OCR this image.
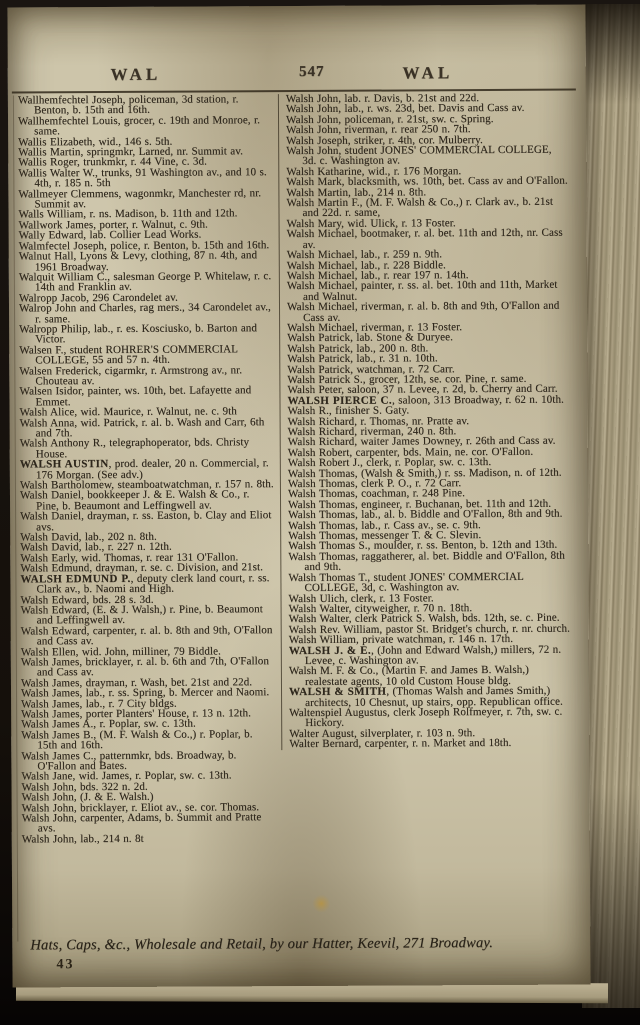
WAL	547	WAL
Wallhemfechtel Joseph, policeman, 3d station, r. Benton, b. 15th and 16th.
Wallhemfechtel Louis, grocer, c. 19th and Monroe, r. same.
Wallis Elizabeth, wid., 146 s. 5th.
Wallis Martin, springmkr, Larned, nr. Summit av.
Wallis Roger, trunkmkr, r. 44 Vine, c. 3d.
Wallis Walter W., trunks, 91 Washington av., and 10 s. 4th, r. 185 n. 5th
Wallmeyer Clemmens, wagonmkr, Manchester rd, nr. Summit av.
Walls William, r. ns. Madison, b. 11th and 12th.
Wallwork James, porter, r. Walnut, c. 9th.
Wally Edward, lab. Collier Lead Works.
Walmfectel Joseph, police, r. Benton, b. 15th and 16th.
Walnut Hall, Lyons & Levy, clothing, 87 n. 4th, and 1961 Broadway.
Walquit William C., salesman George P. Whitelaw, r. c. 14th and Franklin av.
Walropp Jacob, 296 Carondelet av.
Walrop John and Charles, rag mers., 34 Carondelet av., r. same.
Walropp Philip, lab., r. es. Kosciusko, b. Barton and Victor.
Walsen F., student ROHRER'S COMMERCIAL COLLEGE, 55 and 57 n. 4th.
Walsen Frederick, cigarmkr, r. Armstrong av., nr. Chouteau av.
Walsen Isidor, painter, ws. 10th, bet. Lafayette and Emmet.
Walsh Alice, wid. Maurice, r. Walnut, ne. c. 9th
Walsh Anna, wid. Patrick, r. al. b. Wash and Carr, 6th and 7th.
Walsh Anthony R., telegraphoperator, bds. Christy House.
WALSH AUSTIN, prod. dealer, 20 n. Commercial, r. 176 Morgan. (See adv.)
Walsh Bartholomew, steamboatwatchman, r. 157 n. 8th.
Walsh Daniel, bookkeeper J. & E. Walsh & Co., r. Pine, b. Beaumont and Leffingwell av.
Walsh Daniel, drayman, r. ss. Easton, b. Clay and Eliot avs.
Walsh David, lab., 202 n. 8th.
Walsh David, lab., r. 227 n. 12th.
Walsh Early, wid. Thomas, r. rear 131 O'Fallon.
Walsh Edmund, drayman, r. se. c. Division, and 21st.
WALSH EDMUND P., deputy clerk land court, r. ss. Clark av., b. Naomi and High.
Walsh Edward, bds. 28 s. 3d.
Walsh Edward, (E. & J. Walsh,) r. Pine, b. Beaumont and Leffingwell av.
Walsh Edward, carpenter, r. al. b. 8th and 9th, O'Fallon and Cass av.
Walsh Ellen, wid. John, milliner, 79 Biddle.
Walsh James, bricklayer, r. al. b. 6th and 7th, O'Fallon and Cass av.
Walsh James, drayman, r. Wash, bet. 21st and 22d.
Walsh James, lab., r. ss. Spring, b. Mercer and Naomi.
Walsh James, lab., r. 7 City bldgs.
Walsh James, porter Planters' House, r. 13 n. 12th.
Walsh James A., r. Poplar, sw. c. 13th.
Walsh James B., (M. F. Walsh & Co.,) r. Poplar, b. 15th and 16th.
Walsh James C., patternmkr, bds. Broadway, b. O'Fallon and Bates.
Walsh Jane, wid. James, r. Poplar, sw. c. 13th.
Walsh John, bds. 322 n. 2d.
Walsh John, (J. & E. Walsh.)
Walsh John, bricklayer, r. Eliot av., se. cor. Thomas.
Walsh John, carpenter, Adams, b. Summit and Pratte avs.
Walsh John, lab., 214 n. 8t
Walsh John, lab. r. Davis, b. 21st and 22d.
Walsh John, lab., r. ws. 23d, bet. Davis and Cass av.
Walsh John, policeman, r. 21st, sw. c. Spring.
Walsh John, riverman, r. rear 250 n. 7th.
Walsh Joseph, striker, r. 4th, cor. Mulberry.
Walsh John, student JONES' COMMERCIAL COLLEGE, 3d. c. Washington av.
Walsh Katharine, wid., r. 176 Morgan.
Walsh Mark, blacksmith, ws. 10th, bet. Cass av and O'Fallon.
Walsh Martin, lab., 214 n. 8th.
Walsh Martin F., (M. F. Walsh & Co.,) r. Clark av., b. 21st and 22d. r. same,
Walsh Mary, wid. Ulick, r. 13 Foster.
Walsh Michael, bootmaker, r. al. bet. 11th and 12th, nr. Cass av.
Walsh Michael, lab., r. 259 n. 9th.
Walsh Michael, lab., r. 228 Biddle.
Walsh Michael, lab., r. rear 197 n. 14th.
Walsh Michael, painter, r. ss. al. bet. 10th and 11th, Market and Walnut.
Walsh Michael, riverman, r. al. b. 8th and 9th, O'Fallon and Cass av.
Walsh Michael, riverman, r. 13 Foster.
Walsh Patrick, lab. Stone & Duryee.
Walsh Patrick, lab., 200 n. 8th.
Walsh Patrick, lab., r. 31 n. 10th.
Walsh Patrick, watchman, r. 72 Carr.
Walsh Patrick S., grocer, 12th, se. cor. Pine, r. same.
Walsh Peter, saloon, 37 n. Levee, r. 2d, b. Cherry and Carr.
WALSH PIERCE C., saloon, 313 Broadway, r. 62 n. 10th.
Walsh R., finisher S. Gaty.
Walsh Richard, r. Thomas, nr. Pratte av.
Walsh Richard, riverman, 240 n. 8th.
Walsh Richard, waiter James Downey, r. 26th and Cass av.
Walsh Robert, carpenter, bds. Main, ne. cor. O'Fallon.
Walsh Robert J., clerk, r. Poplar, sw. c. 13th.
Walsh Thomas, (Walsh & Smith,) r. ss. Madison, n. of 12th.
Walsh Thomas, clerk P. O., r. 72 Carr.
Walsh Thomas, coachman, r. 248 Pine.
Walsh Thomas, engineer, r. Buchanan, bet. 11th and 12th.
Walsh Thomas, lab., al. b. Biddle and O'Fallon, 8th and 9th.
Walsh Thomas, lab., r. Cass av., se. c. 9th.
Walsh Thomas, messenger T. & C. Slevin.
Walsh Thomas S., moulder, r. ss. Benton, b. 12th and 13th.
Walsh Thomas, raggatherer, al. bet. Biddle and O'Fallon, 8th and 9th.
Walsh Thomas T., student JONES' COMMERCIAL COLLEGE, 3d, c. Washington av.
Walsh Ulich, clerk, r. 13 Foster.
Walsh Walter, cityweigher, r. 70 n. 18th.
Walsh Walter, clerk Patrick S. Walsh, bds. 12th, se. c. Pine.
Walsh Rev. William, pastor St. Bridget's church, r. nr. church.
Walsh William, private watchman, r. 146 n. 17th.
WALSH J. & E., (John and Edward Walsh,) millers, 72 n. Levee, c. Washington av.
Walsh M. F. & Co., (Martin F. and James B. Walsh,) realestate agents, 10 old Custom House bldg.
WALSH & SMITH, (Thomas Walsh and James Smith,) architects, 10 Chesnut, up stairs, opp. Republican office.
Waltenspiel Augustus, clerk Joseph Rolfmeyer, r. 7th, sw. c. Hickory.
Walter August, silverplater, r. 103 n. 9th.
Walter Bernard, carpenter, r. n. Market and 18th.
Hats, Caps, &c., Wholesale and Retail, by our Hatter, Keevil, 271 Broadway.
43
